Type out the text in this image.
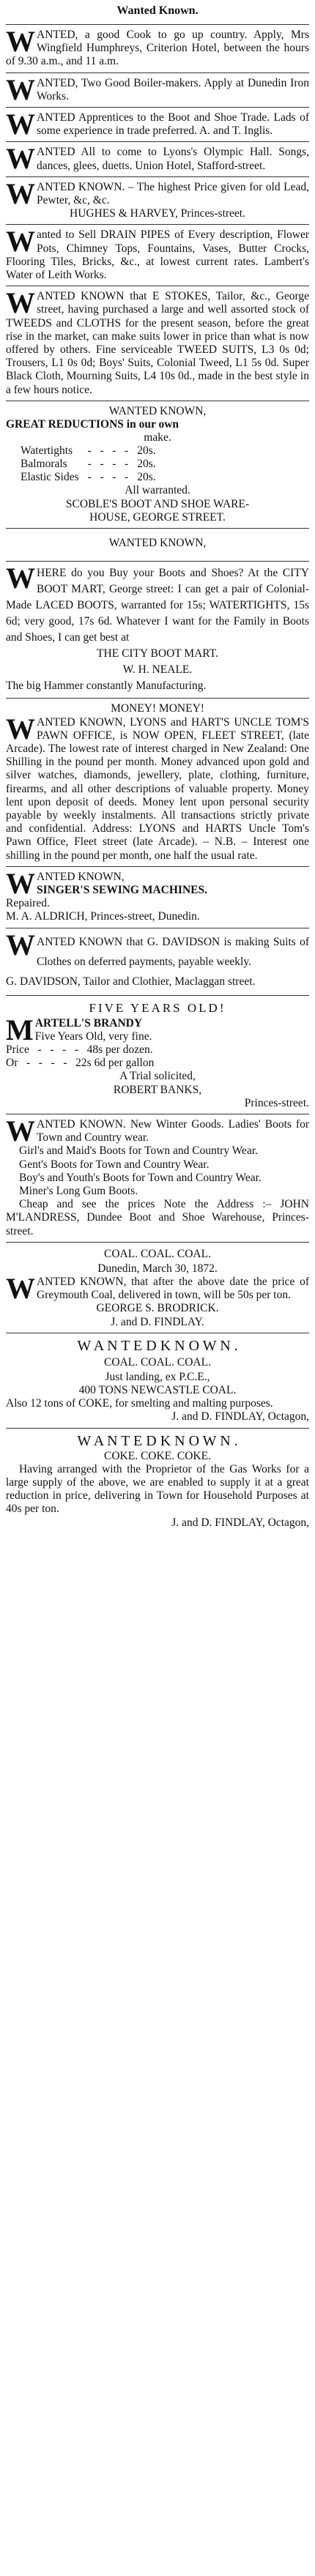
Wanted Known.

WANTED, a good Cook to go up country. Apply, Mrs Wingfield Humphreys, Criterion Hotel, between the hours of 9.30 a.m., and 11 a.m.

WANTED, Two Good Boiler-makers. Apply at Dunedin Iron Works.

WANTED Apprentices to the Boot and Shoe Trade. Lads of some experience in trade preferred. A. and T. Inglis.

WANTED All to come to Lyons's Olympic Hall. Songs, dances, glees, duetts. Union Hotel, Stafford-street.

WANTED KNOWN. – The highest Price given for old Lead, Pewter, &c, &c.

HUGHES & HARVEY, Princes-street.

Wanted to Sell DRAIN PIPES of Every description, Flower Pots, Chimney Tops, Fountains, Vases, Butter Crocks, Flooring Tiles, Bricks, &c., at lowest current rates. Lambert's Water of Leith Works.

WANTED KNOWN that E STOKES, Tailor, &c., George street, having purchased a large and well assorted stock of TWEEDS and CLOTHS for the present season, before the great rise in the market, can make suits lower in price than what is now offered by others. Fine serviceable TWEED SUITS, L3 0s 0d; Trousers, L1 0s 0d; Boys' Suits, Colonial Tweed, L1 5s 0d. Super Black Cloth, Mourning Suits, L4 10s 0d., made in the best style in a few hours notice.

WANTED KNOWN,

GREAT REDUCTIONS in our own

make.

Watertights	-   -   -   -	20s.
Balmorals	-   -   -   -	20s.
Elastic Sides	-   -   -   -	20s.

All warranted.

SCOBLE'S BOOT AND SHOE WARE-

HOUSE, GEORGE STREET.

WANTED KNOWN,

WHERE do you Buy your Boots and Shoes? At the CITY BOOT MART, George street: I can get a pair of Colonial-Made LACED BOOTS, warranted for 15s; WATERTIGHTS, 15s 6d; very good, 17s 6d. Whatever I want for the Family in Boots and Shoes, I can get best at

THE CITY BOOT MART.

W. H. NEALE.

The big Hammer constantly Manufacturing.

MONEY! MONEY!

WANTED KNOWN, LYONS and HART'S UNCLE TOM'S PAWN OFFICE, is NOW OPEN, FLEET STREET, (late Arcade). The lowest rate of interest charged in New Zealand: One Shilling in the pound per month. Money advanced upon gold and silver watches, diamonds, jewellery, plate, clothing, furniture, firearms, and all other descriptions of valuable property. Money lent upon deposit of deeds. Money lent upon personal security payable by weekly instalments. All transactions strictly private and confidential. Address: LYONS and HARTS Uncle Tom's Pawn Office, Fleet street (late Arcade). – N.B. – Interest one shilling in the pound per month, one half the usual rate.

WANTED KNOWN,

SINGER'S SEWING MACHINES.

Repaired.

M. A. ALDRICH, Princes-street, Dunedin.

WANTED KNOWN that G. DAVIDSON is making Suits of Clothes on deferred payments, payable weekly.

G. DAVIDSON, Tailor and Clothier, Maclaggan street.

FIVE YEARS OLD!

MARTELL'S BRANDY

Five Years Old, very fine.

Price   -   -   -   -   48s per dozen.

Or   -   -   -   -   22s 6d per gallon

A Trial solicited,

ROBERT BANKS,

Princes-street.

WANTED KNOWN. New Winter Goods. Ladies' Boots for Town and Country wear.

Girl's and Maid's Boots for Town and Country Wear.

Gent's Boots for Town and Country Wear.

Boy's and Youth's Boots for Town and Country Wear.

Miner's Long Gum Boots.

Cheap and see the prices Note the Address :– JOHN M'LANDRESS, Dundee Boot and Shoe Warehouse, Princes-street.

COAL. COAL. COAL.

Dunedin, March 30, 1872.

WANTED KNOWN, that after the above date the price of Greymouth Coal, delivered in town, will be 50s per ton.

GEORGE S. BRODRICK.

J. and D. FINDLAY.

W A N T E D K N O W N .

COAL. COAL. COAL.

Just landing, ex P.C.E.,

400 TONS NEWCASTLE COAL.

Also 12 tons of COKE, for smelting and malting purposes.

J. and D. FINDLAY, Octagon,

W A N T E D K N O W N .

COKE. COKE. COKE.

Having arranged with the Proprietor of the Gas Works for a large supply of the above, we are enabled to supply it at a great reduction in price, delivering in Town for Household Purposes at 40s per ton.

J. and D. FINDLAY, Octagon,
